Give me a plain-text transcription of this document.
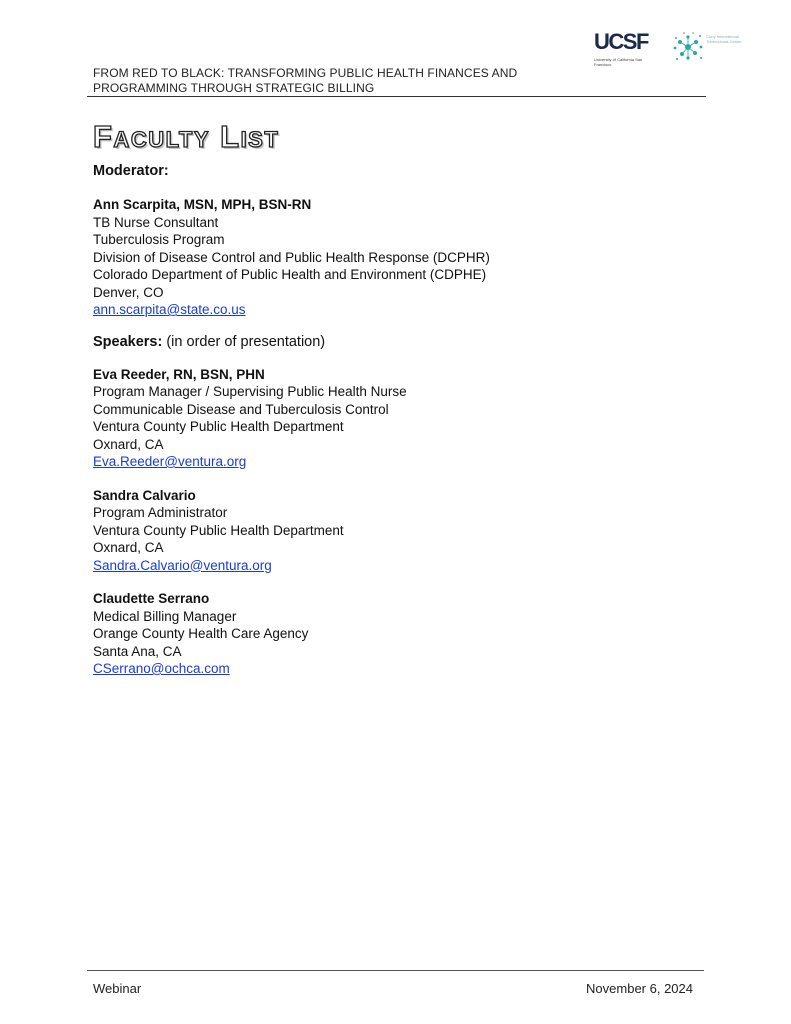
FROM RED TO BLACK: TRANSFORMING PUBLIC HEALTH FINANCES AND
PROGRAMMING THROUGH STRATEGIC BILLING
UCSF
University of California San Francisco
Curry International Tuberculosis Center
Faculty List

Moderator:

Ann Scarpita, MSN, MPH, BSN-RN
TB Nurse Consultant
Tuberculosis Program
Division of Disease Control and Public Health Response (DCPHR)
Colorado Department of Public Health and Environment (CDPHE)
Denver, CO
ann.scarpita@state.co.us

Speakers: (in order of presentation)

Eva Reeder, RN, BSN, PHN
Program Manager / Supervising Public Health Nurse
Communicable Disease and Tuberculosis Control
Ventura County Public Health Department
Oxnard, CA
Eva.Reeder@ventura.org
Sandra Calvario
Program Administrator
Ventura County Public Health Department
Oxnard, CA
Sandra.Calvario@ventura.org
Claudette Serrano
Medical Billing Manager
Orange County Health Care Agency
Santa Ana, CA
CSerrano@ochca.com
Webinar	November 6, 2024
